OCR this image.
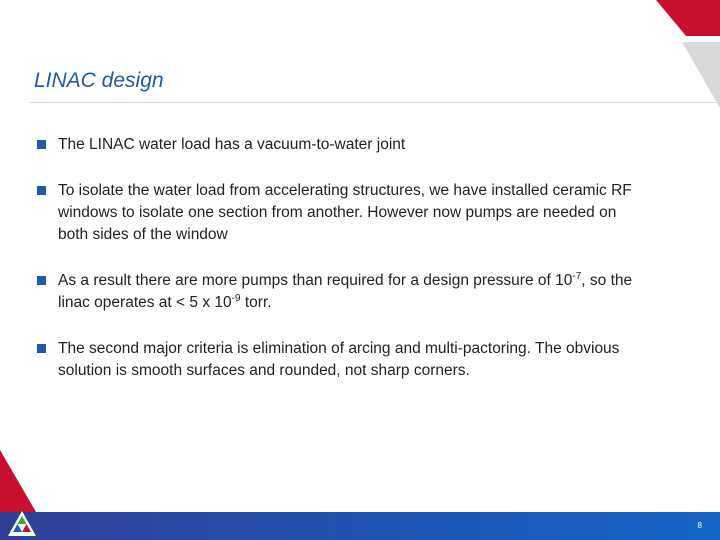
LINAC design
The LINAC water load has a vacuum-to-water joint
To isolate the water load from accelerating structures, we have installed ceramic RF windows to isolate one section from another. However now pumps are needed on both sides of the window
As a result there are more pumps than required for a design pressure of $10^{-7}$, so the linac operates at < 5 x $10^{-9}$ torr.
The second major criteria is elimination of arcing and multi-pactoring. The obvious solution is smooth surfaces and rounded, not sharp corners.
8
